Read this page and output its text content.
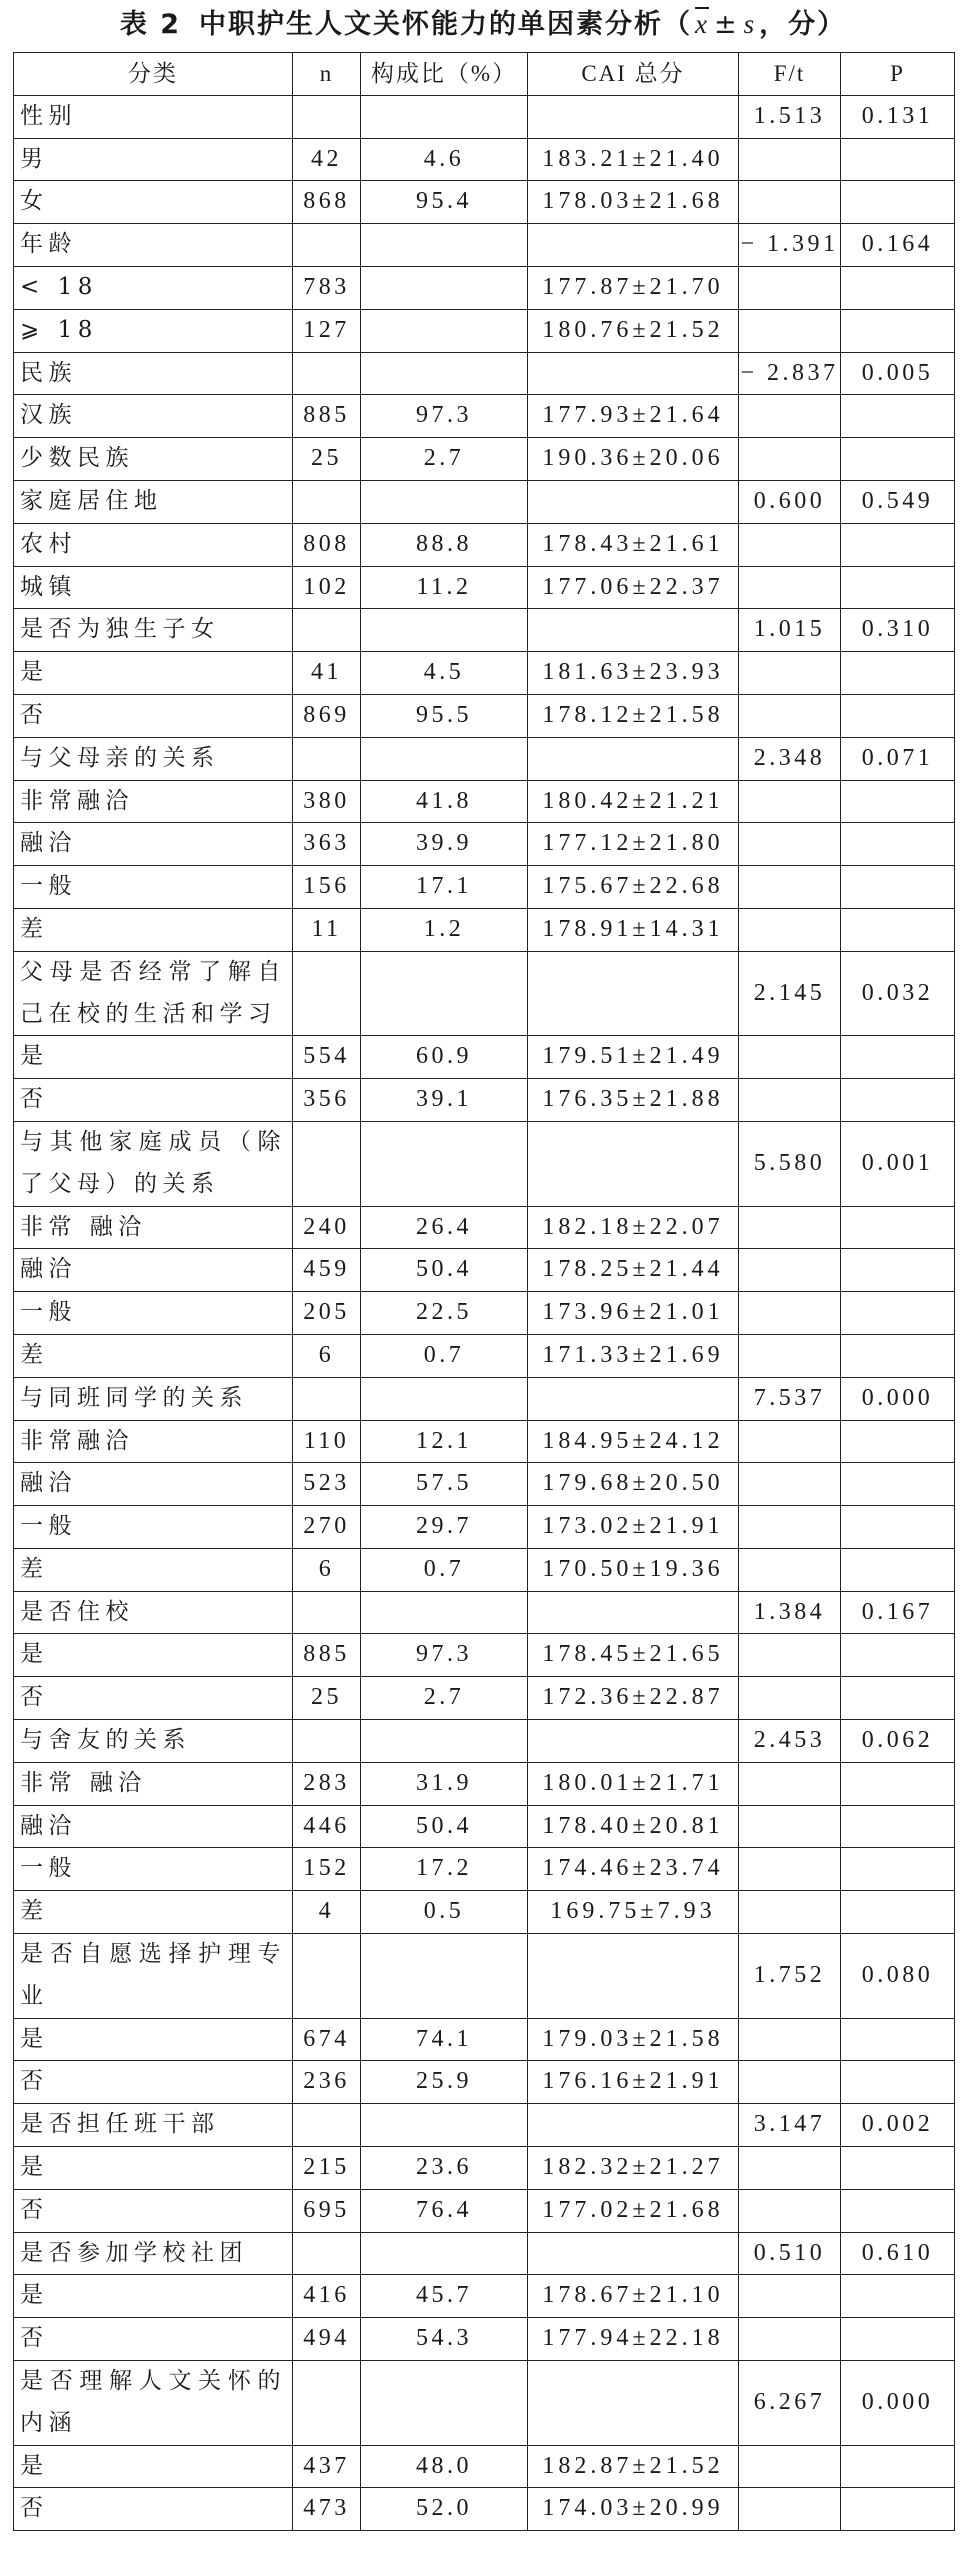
表 2 中职护生人文关怀能力的单因素分析（ $\overline{x} \pm s$ ，分）
分类	n	构成比（%）	CAI 总分	F/t	P
性别				1.513	0.131
男	42	4.6	183.21±21.40		
女	868	95.4	178.03±21.68		
年龄				− 1.391	0.164
< 18	783		177.87±21.70		
⩾ 18	127		180.76±21.52		
民族				− 2.837	0.005
汉族	885	97.3	177.93±21.64		
少数民族	25	2.7	190.36±20.06		
家庭居住地				0.600	0.549
农村	808	88.8	178.43±21.61		
城镇	102	11.2	177.06±22.37		
是否为独生子女				1.015	0.310
是	41	4.5	181.63±23.93		
否	869	95.5	178.12±21.58		
与父母亲的关系				2.348	0.071
非常融洽	380	41.8	180.42±21.21		
融洽	363	39.9	177.12±21.80		
一般	156	17.1	175.67±22.68		
差	11	1.2	178.91±14.31		
父母是否经常了解自己在校的生活和学习				2.145	0.032
是	554	60.9	179.51±21.49		
否	356	39.1	176.35±21.88		
与其他家庭成员（除了父母）的关系				5.580	0.001
非常 融洽	240	26.4	182.18±22.07		
融洽	459	50.4	178.25±21.44		
一般	205	22.5	173.96±21.01		
差	6	0.7	171.33±21.69		
与同班同学的关系				7.537	0.000
非常融洽	110	12.1	184.95±24.12		
融洽	523	57.5	179.68±20.50		
一般	270	29.7	173.02±21.91		
差	6	0.7	170.50±19.36		
是否住校				1.384	0.167
是	885	97.3	178.45±21.65		
否	25	2.7	172.36±22.87		
与舍友的关系				2.453	0.062
非常 融洽	283	31.9	180.01±21.71		
融洽	446	50.4	178.40±20.81		
一般	152	17.2	174.46±23.74		
差	4	0.5	169.75±7.93		
是否自愿选择护理专业				1.752	0.080
是	674	74.1	179.03±21.58		
否	236	25.9	176.16±21.91		
是否担任班干部				3.147	0.002
是	215	23.6	182.32±21.27		
否	695	76.4	177.02±21.68		
是否参加学校社团				0.510	0.610
是	416	45.7	178.67±21.10		
否	494	54.3	177.94±22.18		
是否理解人文关怀的内涵				6.267	0.000
是	437	48.0	182.87±21.52		
否	473	52.0	174.03±20.99		
